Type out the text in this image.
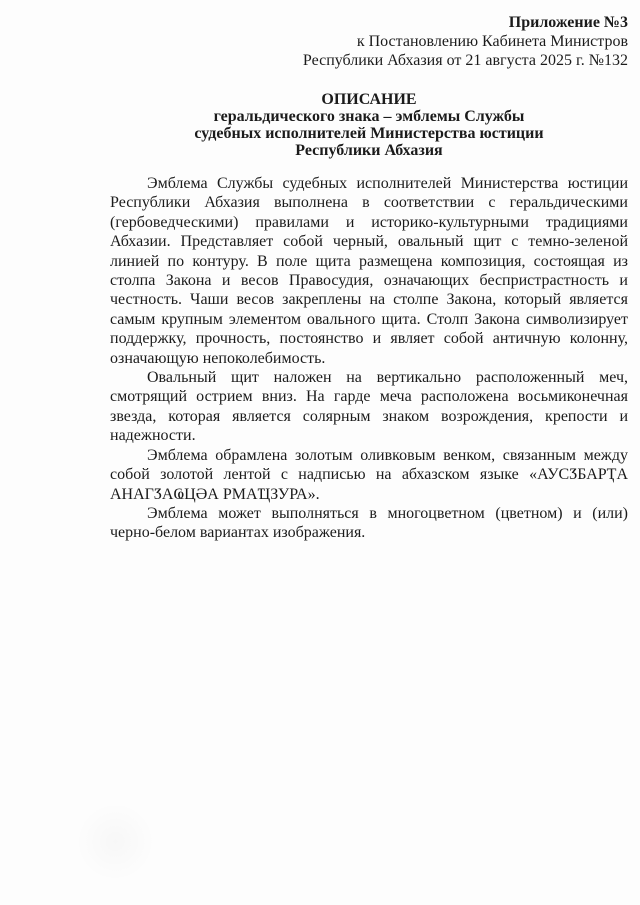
Приложение №3
к Постановлению Кабинета Министров
Республики Абхазия от 21 августа 2025 г. №132
ОПИСАНИЕ
геральдического знака – эмблемы Службы
судебных исполнителей Министерства юстиции
Республики Абхазия

Эмблема Службы судебных исполнителей Министерства юстиции Республики Абхазия выполнена в соответствии с геральдическими (гербоведческими) правилами и историко-культурными традициями Абхазии. Представляет собой черный, овальный щит с темно-зеленой линией по контуру. В поле щита размещена композиция, состоящая из столпа Закона и весов Правосудия, означающих беспристрастность и честность. Чаши весов закреплены на столпе Закона, который является самым крупным элементом овального щита. Столп Закона символизирует поддержку, прочность, постоянство и являет собой античную колонну, означающую непоколебимость.

Овальный щит наложен на вертикально расположенный меч, смотрящий острием вниз. На гарде меча расположена восьмиконечная звезда, которая является солярным знаком возрождения, крепости и надежности.

Эмблема обрамлена золотым оливковым венком, связанным между собой золотой лентой с надписью на абхазском языке «АУСӠБАРҬА АНАГӠАҨЦӘА РМАҴЗУРА».

Эмблема может выполняться в многоцветном (цветном) и (или) черно-белом вариантах изображения.
